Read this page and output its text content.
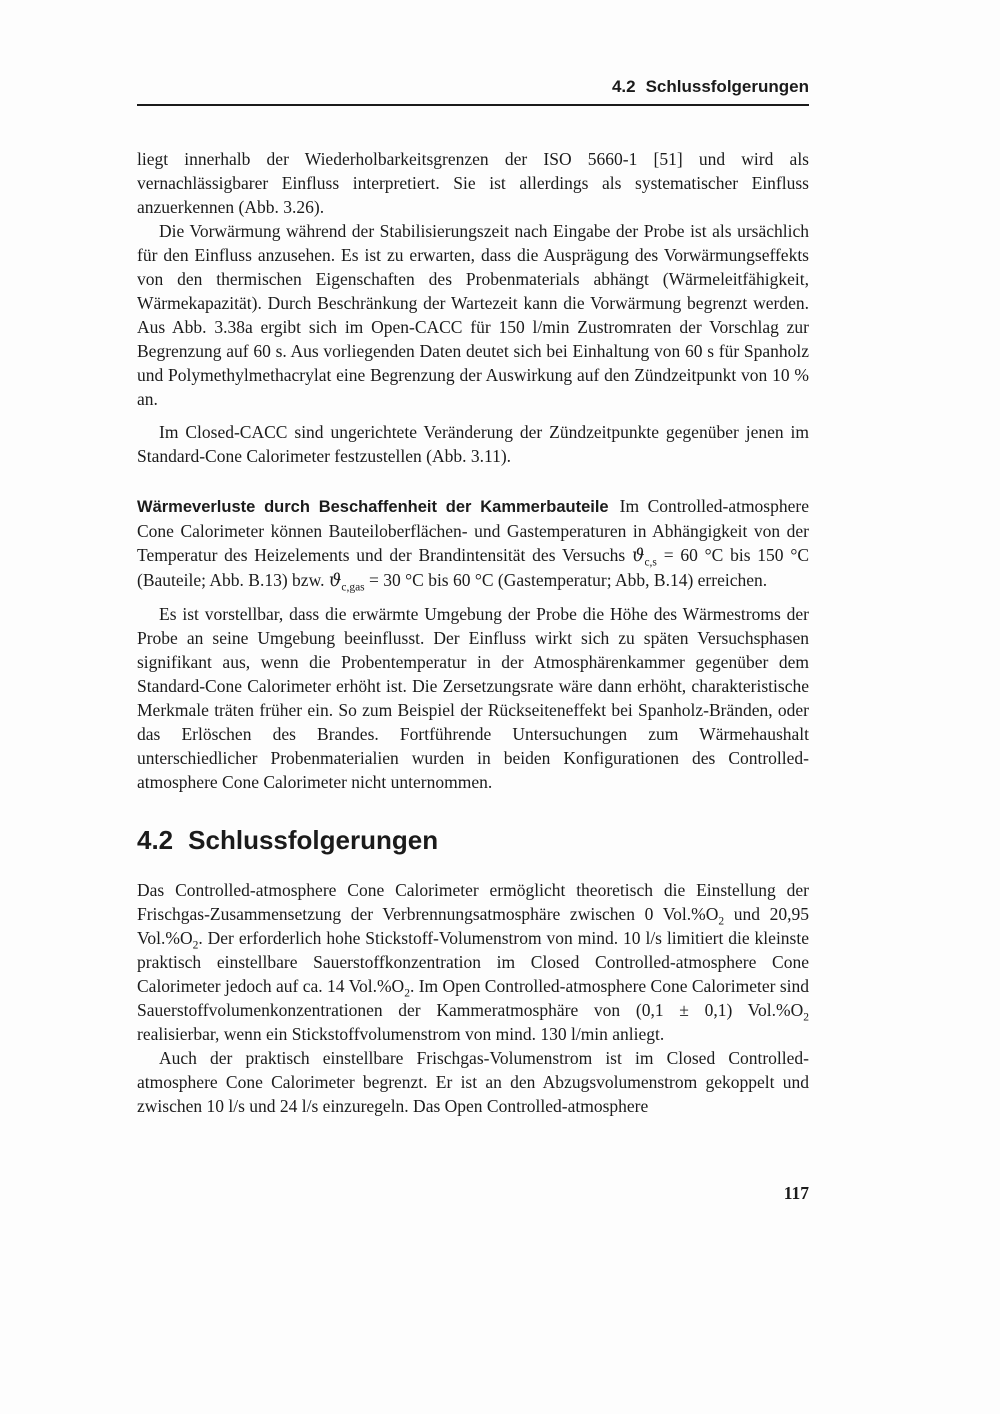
4.2 Schlussfolgerungen

liegt innerhalb der Wiederholbarkeitsgrenzen der ISO 5660-1 [51] und wird als vernachlässigbarer Einfluss interpretiert. Sie ist allerdings als systematischer Einfluss anzuerkennen (Abb. 3.26).

Die Vorwärmung während der Stabilisierungszeit nach Eingabe der Probe ist als ursächlich für den Einfluss anzusehen. Es ist zu erwarten, dass die Ausprägung des Vorwärmungseffekts von den thermischen Eigenschaften des Probenmaterials abhängt (Wärmeleitfähigkeit, Wärmekapazität). Durch Beschränkung der Wartezeit kann die Vorwärmung begrenzt werden. Aus Abb. 3.38a ergibt sich im Open-CACC für 150 l/min Zustromraten der Vorschlag zur Begrenzung auf 60 s. Aus vorliegenden Daten deutet sich bei Einhaltung von 60 s für Spanholz und Polymethylmethacrylat eine Begrenzung der Auswirkung auf den Zündzeitpunkt von 10 % an.

Im Closed-CACC sind ungerichtete Veränderung der Zündzeitpunkte gegenüber jenen im Standard-Cone Calorimeter festzustellen (Abb. 3.11).

Wärmeverluste durch Beschaffenheit der Kammerbauteile Im Controlled-atmosphere Cone Calorimeter können Bauteiloberflächen- und Gastemperaturen in Abhängigkeit von der Temperatur des Heizelements und der Brandintensität des Versuchs $ϑ_{c,s} = 60$ °C bis 150 °C (Bauteile; Abb. B.13) bzw. $ϑ_{c,gas} = 30$ °C bis 60 °C (Gastemperatur; Abb, B.14) erreichen.

Es ist vorstellbar, dass die erwärmte Umgebung der Probe die Höhe des Wärmestroms der Probe an seine Umgebung beeinflusst. Der Einfluss wirkt sich zu späten Versuchsphasen signifikant aus, wenn die Probentemperatur in der Atmosphärenkammer gegenüber dem Standard-Cone Calorimeter erhöht ist. Die Zersetzungsrate wäre dann erhöht, charakteristische Merkmale träten früher ein. So zum Beispiel der Rückseiteneffekt bei Spanholz-Bränden, oder das Erlöschen des Brandes. Fortführende Untersuchungen zum Wärmehaushalt unterschiedlicher Probenmaterialien wurden in beiden Konfigurationen des Controlled-atmosphere Cone Calorimeter nicht unternommen.

4.2 Schlussfolgerungen

Das Controlled-atmosphere Cone Calorimeter ermöglicht theoretisch die Einstellung der Frischgas-Zusammensetzung der Verbrennungsatmosphäre zwischen 0 $Vol.\%O_2$ und 20,95 $Vol.\%O_2$. Der erforderlich hohe Stickstoff-Volumenstrom von mind. 10 l/s limitiert die kleinste praktisch einstellbare Sauerstoffkonzentration im Closed Controlled-atmosphere Cone Calorimeter jedoch auf ca. 14 $Vol.\%O_2$. Im Open Controlled-atmosphere Cone Calorimeter sind Sauerstoffvolumenkonzentrationen der Kammeratmosphäre von (0,1 ± 0,1) $Vol.\%O_2$ realisierbar, wenn ein Stickstoffvolumenstrom von mind. 130 l/min anliegt.

Auch der praktisch einstellbare Frischgas-Volumenstrom ist im Closed Controlled-atmosphere Cone Calorimeter begrenzt. Er ist an den Abzugsvolumenstrom gekoppelt und zwischen 10 l/s und 24 l/s einzuregeln. Das Open Controlled-atmosphere

117
